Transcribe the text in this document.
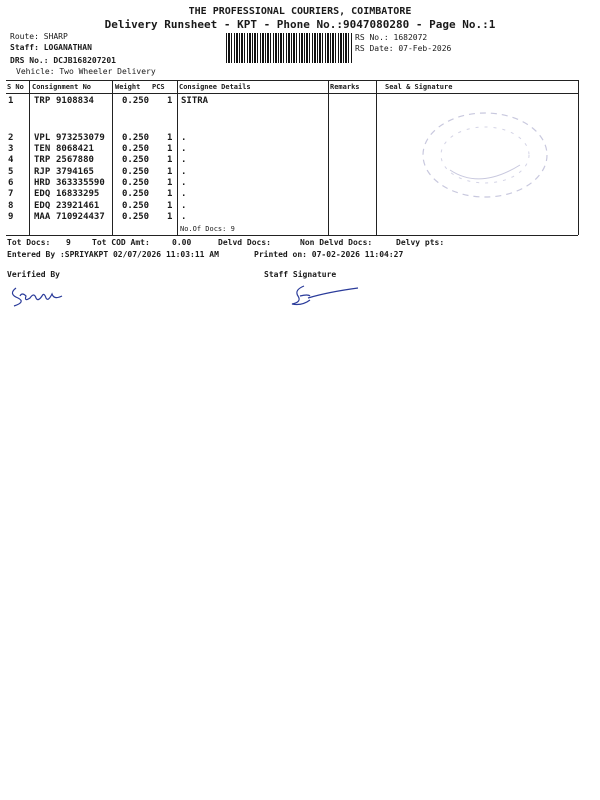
THE PROFESSIONAL COURIERS, COIMBATORE
Delivery Runsheet - KPT - Phone No.:9047080280 - Page No.:1
Route: SHARP
Staff: LOGANATHAN
DRS No.: DCJB168207201
Vehicle: Two Wheeler Delivery
RS No.: 1682072
RS Date: 07-Feb-2026
S No Consignment No	Weight PCS Consignee Details	Remarks	Seal & Signature
1 TRP 9108834	0.250 1 SITRA
2 VPL 973253079 0.250 1 .
3 TEN 8068421	0.250 1 .
4 TRP 2567880	0.250 1 .
5 RJP 3794165	0.250 1 .
6 HRD 363335590 0.250 1 .
7 EDQ 16833295	0.250 1 .
8 EDQ 23921461	0.250 1 .
9 MAA 710924437 0.250 1 .
No.Of Docs: 9
Tot Docs: 9	Tot COD Amt:	0.00	Delvd Docs:	Non Delvd Docs:	Delvy pts:
Entered By :SPRIYAKPT 02/07/2026 11:03:11 AM	Printed on: 07-02-2026 11:04:27
Verified By	Staff Signature
